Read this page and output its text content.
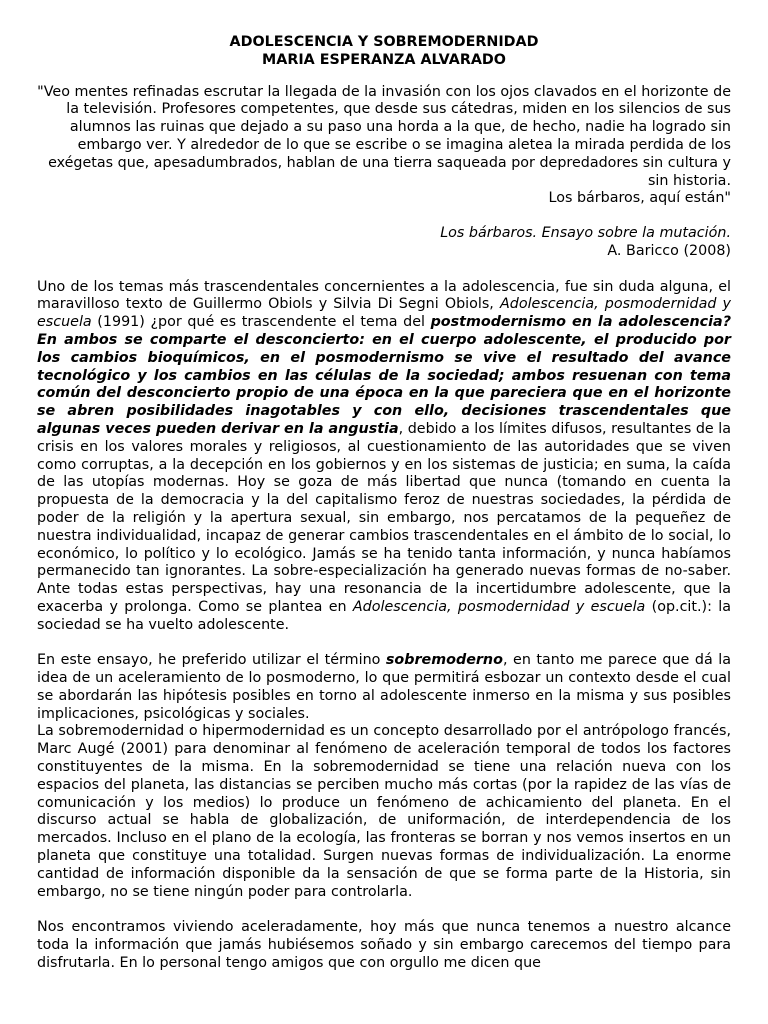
ADOLESCENCIA Y SOBREMODERNIDAD
MARIA ESPERANZA ALVARADO

"Veo mentes refinadas escrutar la llegada de la invasión con los ojos clavados en el horizonte de la televisión. Profesores competentes, que desde sus cátedras, miden en los silencios de sus alumnos las ruinas que dejado a su paso una horda a la que, de hecho, nadie ha logrado sin embargo ver. Y alrededor de lo que se escribe o se imagina aletea la mirada perdida de los exégetas que, apesadumbrados, hablan de una tierra saqueada por depredadores sin cultura y sin historia.

Los bárbaros, aquí están"

Los bárbaros. Ensayo sobre la mutación.
A. Baricco (2008)

Uno de los temas más trascendentales concernientes a la adolescencia, fue sin duda alguna, el maravilloso texto de Guillermo Obiols y Silvia Di Segni Obiols, Adolescencia, posmodernidad y escuela (1991) ¿por qué es trascendente el tema del postmodernismo en la adolescencia? En ambos se comparte el desconcierto: en el cuerpo adolescente, el producido por los cambios bioquímicos, en el posmodernismo se vive el resultado del avance tecnológico y los cambios en las células de la sociedad; ambos resuenan con tema común del desconcierto propio de una época en la que pareciera que en el horizonte se abren posibilidades inagotables y con ello, decisiones trascendentales que algunas veces pueden derivar en la angustia, debido a los límites difusos, resultantes de la crisis en los valores morales y religiosos, al cuestionamiento de las autoridades que se viven como corruptas, a la decepción en los gobiernos y en los sistemas de justicia; en suma, la caída de las utopías modernas. Hoy se goza de más libertad que nunca (tomando en cuenta la propuesta de la democracia y la del capitalismo feroz de nuestras sociedades, la pérdida de poder de la religión y la apertura sexual, sin embargo, nos percatamos de la pequeñez de nuestra individualidad, incapaz de generar cambios trascendentales en el ámbito de lo social, lo económico, lo político y lo ecológico. Jamás se ha tenido tanta información, y nunca habíamos permanecido tan ignorantes. La sobre-especialización ha generado nuevas formas de no-saber. Ante todas estas perspectivas, hay una resonancia de la incertidumbre adolescente, que la exacerba y prolonga. Como se plantea en Adolescencia, posmodernidad y escuela (op.cit.): la sociedad se ha vuelto adolescente.

En este ensayo, he preferido utilizar el término sobremoderno, en tanto me parece que dá la idea de un aceleramiento de lo posmoderno, lo que permitirá esbozar un contexto desde el cual se abordarán las hipótesis posibles en torno al adolescente inmerso en la misma y sus posibles implicaciones, psicológicas y sociales.

La sobremodernidad o hipermodernidad es un concepto desarrollado por el antrópologo francés, Marc Augé (2001) para denominar al fenómeno de aceleración temporal de todos los factores constituyentes de la misma. En la sobremodernidad se tiene una relación nueva con los espacios del planeta, las distancias se perciben mucho más cortas (por la rapidez de las vías de comunicación y los medios) lo produce un fenómeno de achicamiento del planeta. En el discurso actual se habla de globalización, de uniformación, de interdependencia de los mercados. Incluso en el plano de la ecología, las fronteras se borran y nos vemos insertos en un planeta que constituye una totalidad. Surgen nuevas formas de individualización. La enorme cantidad de información disponible da la sensación de que se forma parte de la Historia, sin embargo, no se tiene ningún poder para controlarla.

Nos encontramos viviendo aceleradamente, hoy más que nunca tenemos a nuestro alcance toda la información que jamás hubiésemos soñado y sin embargo carecemos del tiempo para disfrutarla. En lo personal tengo amigos que con orgullo me dicen que
